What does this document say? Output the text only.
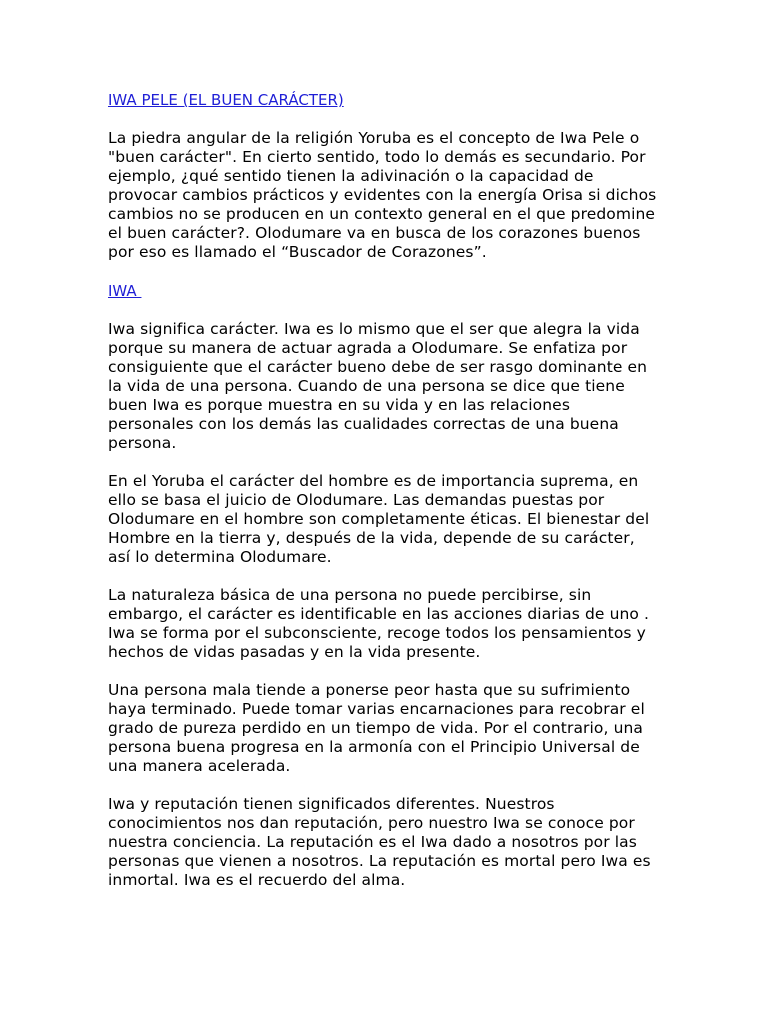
IWA PELE (EL BUEN CARÁCTER)

La piedra angular de la religión Yoruba es el concepto de Iwa Pele o "buen carácter". En cierto sentido, todo lo demás es secundario. Por ejemplo, ¿qué sentido tienen la adivinación o la capacidad de provocar cambios prácticos y evidentes con la energía Orisa si dichos cambios no se producen en un contexto general en el que predomine el buen carácter?. Olodumare va en busca de los corazones buenos por eso es llamado el “Buscador de Corazones”.

IWA

Iwa significa carácter. Iwa es lo mismo que el ser que alegra la vida porque su manera de actuar agrada a Olodumare. Se enfatiza por consiguiente que el carácter bueno debe de ser rasgo dominante en la vida de una persona. Cuando de una persona se dice que tiene buen Iwa es porque muestra en su vida y en las relaciones personales con los demás las cualidades correctas de una buena persona.

En el Yoruba el carácter del hombre es de importancia suprema, en ello se basa el juicio de Olodumare. Las demandas puestas por Olodumare en el hombre son completamente éticas. El bienestar del Hombre en la tierra y, después de la vida, depende de su carácter, así lo determina Olodumare.

La naturaleza básica de una persona no puede percibirse, sin embargo, el carácter es identificable en las acciones diarias de uno . Iwa se forma por el subconsciente, recoge todos los pensamientos y hechos de vidas pasadas y en la vida presente.

Una persona mala tiende a ponerse peor hasta que su sufrimiento haya terminado. Puede tomar varias encarnaciones para recobrar el grado de pureza perdido en un tiempo de vida. Por el contrario, una persona buena progresa en la armonía con el Principio Universal de una manera acelerada.

Iwa y reputación tienen significados diferentes. Nuestros conocimientos nos dan reputación, pero nuestro Iwa se conoce por nuestra conciencia. La reputación es el Iwa dado a nosotros por las personas que vienen a nosotros. La reputación es mortal pero Iwa es inmortal. Iwa es el recuerdo del alma.
